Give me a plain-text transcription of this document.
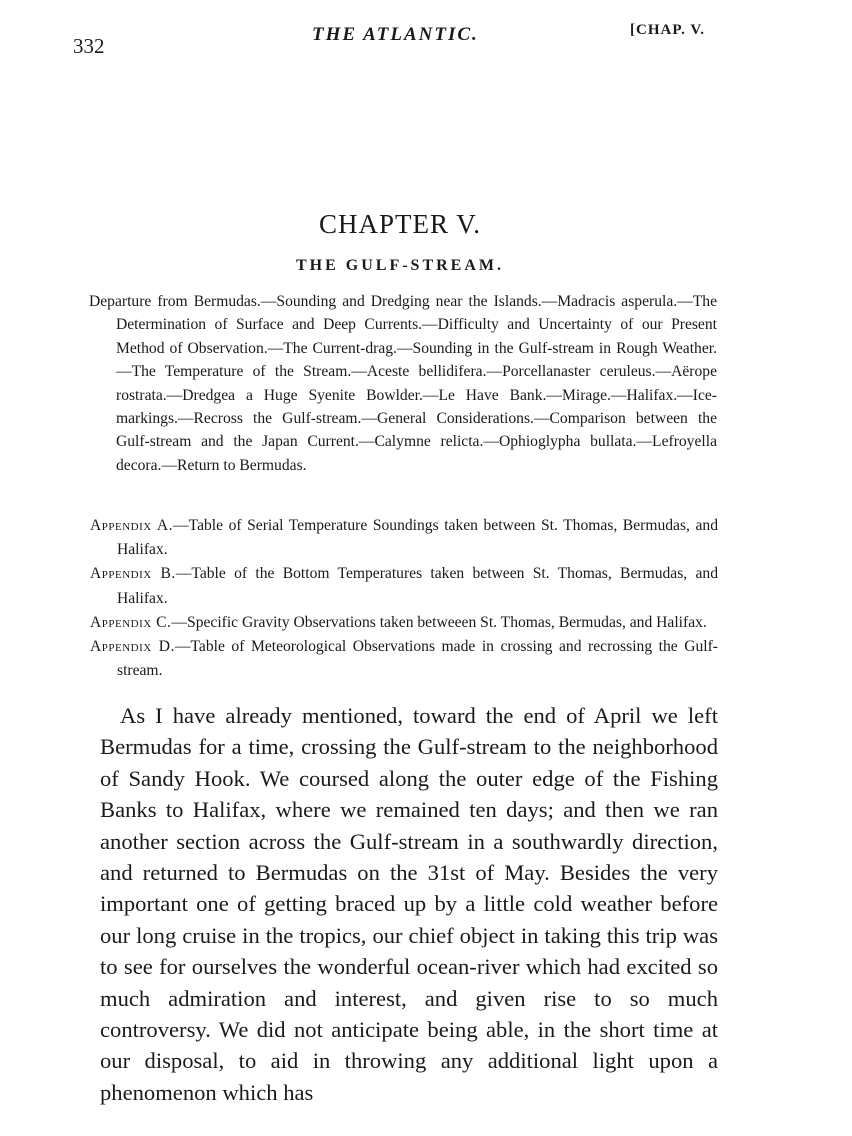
332	THE ATLANTIC.	[CHAP. V.
CHAPTER V.
THE GULF-STREAM.

Departure from Bermudas.—Sounding and Dredging near the Islands.—Madracis asperula.—The Determination of Surface and Deep Currents.—Difficulty and Uncertainty of our Present Method of Observation.—The Current-drag.—Sounding in the Gulf-stream in Rough Weather.—The Temperature of the Stream.—Aceste bellidifera.—Porcellanaster ceruleus.—Aërope rostrata.—Dredgea a Huge Syenite Bowlder.—Le Have Bank.—Mirage.—Halifax.—Ice-markings.—Recross the Gulf-stream.—General Considerations.—Comparison between the Gulf-stream and the Japan Current.—Calymne relicta.—Ophioglypha bullata.—Lefroyella decora.—Return to Bermudas.

Appendix A.—Table of Serial Temperature Soundings taken between St. Thomas, Bermudas, and Halifax.

Appendix B.—Table of the Bottom Temperatures taken between St. Thomas, Bermudas, and Halifax.

Appendix C.—Specific Gravity Observations taken betweeen St. Thomas, Bermudas, and Halifax.

Appendix D.—Table of Meteorological Observations made in crossing and recrossing the Gulf-stream.

As I have already mentioned, toward the end of April we left Bermudas for a time, crossing the Gulf-stream to the neighborhood of Sandy Hook. We coursed along the outer edge of the Fishing Banks to Halifax, where we remained ten days; and then we ran another section across the Gulf-stream in a southwardly direction, and returned to Bermudas on the 31st of May. Besides the very important one of getting braced up by a little cold weather before our long cruise in the tropics, our chief object in taking this trip was to see for ourselves the wonderful ocean-river which had excited so much admiration and interest, and given rise to so much controversy. We did not anticipate being able, in the short time at our disposal, to aid in throwing any additional light upon a phenomenon which has
